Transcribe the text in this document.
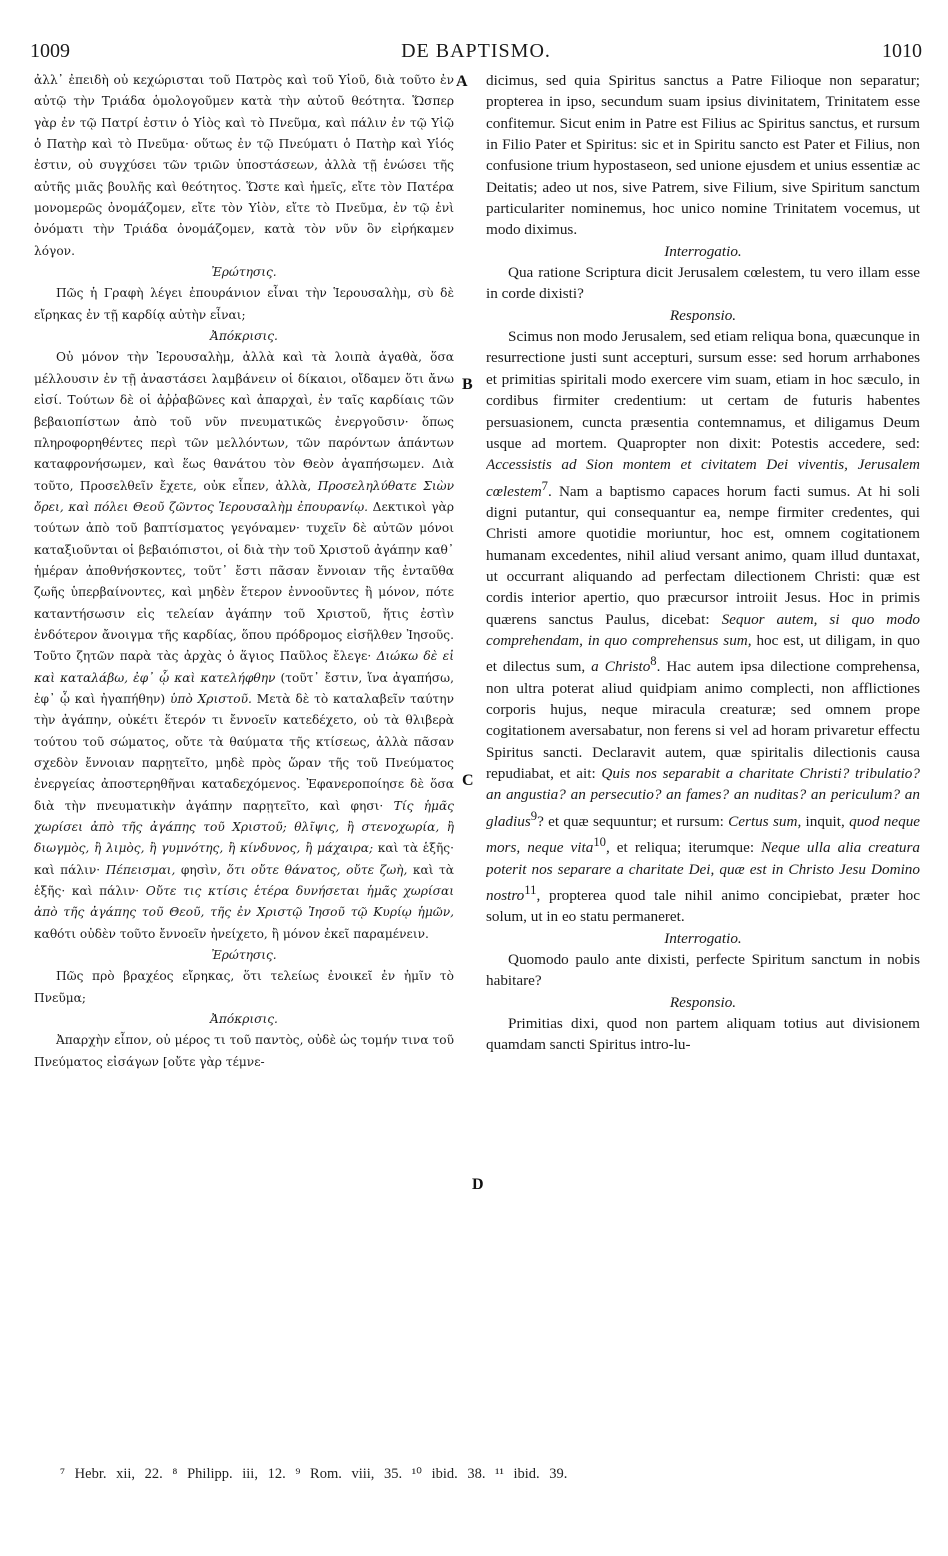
1009	DE BAPTISMO.	1010
A
B
C
D

ἀλλ᾽ ἐπειδὴ οὐ κεχώρισται τοῦ Πατρὸς καὶ τοῦ Υἱοῦ, διὰ τοῦτο ἐν αὐτῷ τὴν Τριάδα ὁμολογοῦμεν κατὰ τὴν αὐτοῦ θεότητα. Ὥσπερ γὰρ ἐν τῷ Πατρί ἐστιν ὁ Υἱὸς καὶ τὸ Πνεῦμα, καὶ πάλιν ἐν τῷ Υἱῷ ὁ Πατὴρ καὶ τὸ Πνεῦμα· οὕτως ἐν τῷ Πνεύματι ὁ Πατὴρ καὶ Υἱός ἐστιν, οὐ συγχύσει τῶν τριῶν ὑποστάσεων, ἀλλὰ τῇ ἑνώσει τῆς αὐτῆς μιᾶς βουλῆς καὶ θεότητος. Ὥστε καὶ ἡμεῖς, εἴτε τὸν Πατέρα μονομερῶς ὀνομάζομεν, εἴτε τὸν Υἱὸν, εἴτε τὸ Πνεῦμα, ἐν τῷ ἑνὶ ὀνόματι τὴν Τριάδα ὀνομάζομεν, κατὰ τὸν νῦν ὃν εἰρήκαμεν λόγον.

Ἐρώτησις.

Πῶς ἡ Γραφὴ λέγει ἐπουράνιον εἶναι τὴν Ἱερουσαλὴμ, σὺ δὲ εἴρηκας ἐν τῇ καρδίᾳ αὐτὴν εἶναι;

Ἀπόκρισις.

Οὐ μόνον τὴν Ἱερουσαλὴμ, ἀλλὰ καὶ τὰ λοιπὰ ἀγαθὰ, ὅσα μέλλουσιν ἐν τῇ ἀναστάσει λαμβάνειν οἱ δίκαιοι, οἴδαμεν ὅτι ἄνω εἰσί. Τούτων δὲ οἱ ἀῤῥαβῶνες καὶ ἀπαρχαὶ, ἐν ταῖς καρδίαις τῶν βεβαιοπίστων ἀπὸ τοῦ νῦν πνευματικῶς ἐνεργοῦσιν· ὅπως πληροφορηθέντες περὶ τῶν μελλόντων, τῶν παρόντων ἁπάντων καταφρονήσωμεν, καὶ ἕως θανάτου τὸν Θεὸν ἀγαπήσωμεν. Διὰ τοῦτο, Προσελθεῖν ἔχετε, οὐκ εἶπεν, ἀλλὰ, Προσεληλύθατε Σιὼν ὄρει, καὶ πόλει Θεοῦ ζῶντος Ἱερουσαλὴμ ἐπουρανίῳ. Δεκτικοὶ γὰρ τούτων ἀπὸ τοῦ βαπτίσματος γεγόναμεν· τυχεῖν δὲ αὐτῶν μόνοι καταξιοῦνται οἱ βεβαιόπιστοι, οἱ διὰ τὴν τοῦ Χριστοῦ ἀγάπην καθ᾽ ἡμέραν ἀποθνήσκοντες, τοῦτ᾽ ἔστι πᾶσαν ἔννοιαν τῆς ἐνταῦθα ζωῆς ὑπερβαίνοντες, καὶ μηδὲν ἕτερον ἐννοοῦντες ἢ μόνον, πότε καταντήσωσιν εἰς τελείαν ἀγάπην τοῦ Χριστοῦ, ἥτις ἐστὶν ἐνδότερον ἄνοιγμα τῆς καρδίας, ὅπου πρόδρομος εἰσῆλθεν Ἰησοῦς. Τοῦτο ζητῶν παρὰ τὰς ἀρχὰς ὁ ἅγιος Παῦλος ἔλεγε· Διώκω δὲ εἰ καὶ καταλάβω, ἐφ᾽ ᾧ καὶ κατελήφθην (τοῦτ᾽ ἔστιν, ἵνα ἀγαπήσω, ἐφ᾽ ᾧ καὶ ἠγαπήθην) ὑπὸ Χριστοῦ. Μετὰ δὲ τὸ καταλαβεῖν ταύτην τὴν ἀγάπην, οὐκέτι ἕτερόν τι ἔννοεῖν κατεδέχετο, οὐ τὰ θλιβερὰ τούτου τοῦ σώματος, οὔτε τὰ θαύματα τῆς κτίσεως, ἀλλὰ πᾶσαν σχεδὸν ἔννοιαν παρῃτεῖτο, μηδὲ πρὸς ὥραν τῆς τοῦ Πνεύματος ἐνεργείας ἀποστερηθῆναι καταδεχόμενος. Ἐφανεροποίησε δὲ ὅσα διὰ τὴν πνευματικὴν ἀγάπην παρῃτεῖτο, καὶ φησι· Τίς ἡμᾶς χωρίσει ἀπὸ τῆς ἀγάπης τοῦ Χριστοῦ; θλῖψις, ἢ στενοχωρία, ἢ διωγμὸς, ἢ λιμὸς, ἢ γυμνότης, ἢ κίνδυνος, ἢ μάχαιρα; καὶ τὰ ἑξῆς· καὶ πάλιν· Πέπεισμαι, φησὶν, ὅτι οὔτε θάνατος, οὔτε ζωὴ, καὶ τὰ ἑξῆς· καὶ πάλιν· Οὔτε τις κτίσις ἑτέρα δυνήσεται ἡμᾶς χωρίσαι ἀπὸ τῆς ἀγάπης τοῦ Θεοῦ, τῆς ἐν Χριστῷ Ἰησοῦ τῷ Κυρίῳ ἡμῶν, καθότι οὐδὲν τοῦτο ἔννοεῖν ἠνείχετο, ἢ μόνον ἐκεῖ παραμένειν.

Ἐρώτησις.

Πῶς πρὸ βραχέος εἴρηκας, ὅτι τελείως ἐνοικεῖ ἐν ἡμῖν τὸ Πνεῦμα;

Ἀπόκρισις.

Ἀπαρχὴν εἶπον, οὐ μέρος τι τοῦ παντὸς, οὐδὲ ὡς τομήν τινα τοῦ Πνεύματος εἰσάγων [οὔτε γὰρ τέμνε-

dicimus, sed quia Spiritus sanctus a Patre Filioque non separatur; propterea in ipso, secundum suam ipsius divinitatem, Trinitatem esse confitemur. Sicut enim in Patre est Filius ac Spiritus sanctus, et rursum in Filio Pater et Spiritus: sic et in Spiritu sancto est Pater et Filius, non confusione trium hypostaseon, sed unione ejusdem et unius essentiæ ac Deitatis; adeo ut nos, sive Patrem, sive Filium, sive Spiritum sanctum particulariter nominemus, hoc unico nomine Trinitatem vocemus, ut modo diximus.

Interrogatio.

Qua ratione Scriptura dicit Jerusalem cœlestem, tu vero illam esse in corde dixisti?

Responsio.

Scimus non modo Jerusalem, sed etiam reliqua bona, quæcunque in resurrectione justi sunt accepturi, sursum esse: sed horum arrhabones et primitias spiritali modo exercere vim suam, etiam in hoc sæculo, in cordibus firmiter credentium: ut certam de futuris habentes persuasionem, cuncta præsentia contemnamus, et diligamus Deum usque ad mortem. Quapropter non dixit: Potestis accedere, sed: Accessistis ad Sion montem et civitatem Dei viventis, Jerusalem cœlestem$^7$. Nam a baptismo capaces horum facti sumus. At hi soli digni putantur, qui consequantur ea, nempe firmiter credentes, qui Christi amore quotidie moriuntur, hoc est, omnem cogitationem humanam excedentes, nihil aliud versant animo, quam illud duntaxat, ut occurrant aliquando ad perfectam dilectionem Christi: quæ est cordis interior apertio, quo præcursor introiit Jesus. Hoc in primis quærens sanctus Paulus, dicebat: Sequor autem, si quo modo comprehendam, in quo comprehensus sum, hoc est, ut diligam, in quo et dilectus sum, a Christo$^8$. Hac autem ipsa dilectione comprehensa, non ultra poterat aliud quidpiam animo complecti, non afflictiones corporis hujus, neque miracula creaturæ; sed omnem prope cogitationem aversabatur, non ferens si vel ad horam privaretur effectu Spiritus sancti. Declaravit autem, quæ spiritalis dilectionis causa repudiabat, et ait: Quis nos separabit a charitate Christi? tribulatio? an angustia? an persecutio? an fames? an nuditas? an periculum? an gladius$^9$? et quæ sequuntur; et rursum: Certus sum, inquit, quod neque mors, neque vita$^{10}$, et reliqua; iterumque: Neque ulla alia creatura poterit nos separare a charitate Dei, quæ est in Christo Jesu Domino nostro$^{11}$, propterea quod tale nihil animo concipiebat, præter hoc solum, ut in eo statu permaneret.

Interrogatio.

Quomodo paulo ante dixisti, perfecte Spiritum sanctum in nobis habitare?

Responsio.

Primitias dixi, quod non partem aliquam totius aut divisionem quamdam sancti Spiritus intro-lu-

⁷ Hebr. xii, 22. ⁸ Philipp. iii, 12. ⁹ Rom. viii, 35. ¹⁰ ibid. 38. ¹¹ ibid. 39.
